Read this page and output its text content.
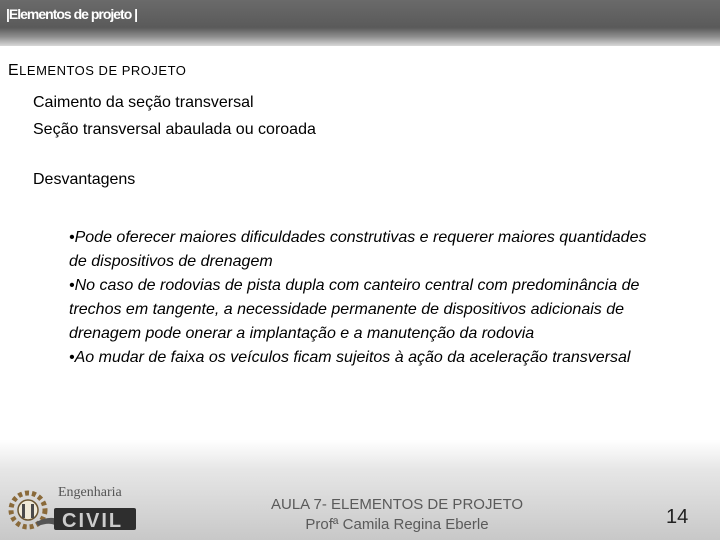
|Elementos de projeto |
ELEMENTOS DE PROJETO
Caimento da seção transversal
Seção transversal abaulada ou coroada
Desvantagens

•Pode oferecer maiores dificuldades construtivas e requerer maiores quantidades de dispositivos de drenagem

•No caso de rodovias de pista dupla com canteiro central com predominância de trechos em tangente, a necessidade permanente de dispositivos adicionais de drenagem pode onerar a implantação e a manutenção da rodovia

•Ao mudar de faixa os veículos ficam sujeitos à ação da aceleração transversal

Engenharia
CIVIL
AULA 7- ELEMENTOS DE PROJETO
Profª Camila Regina Eberle	14
